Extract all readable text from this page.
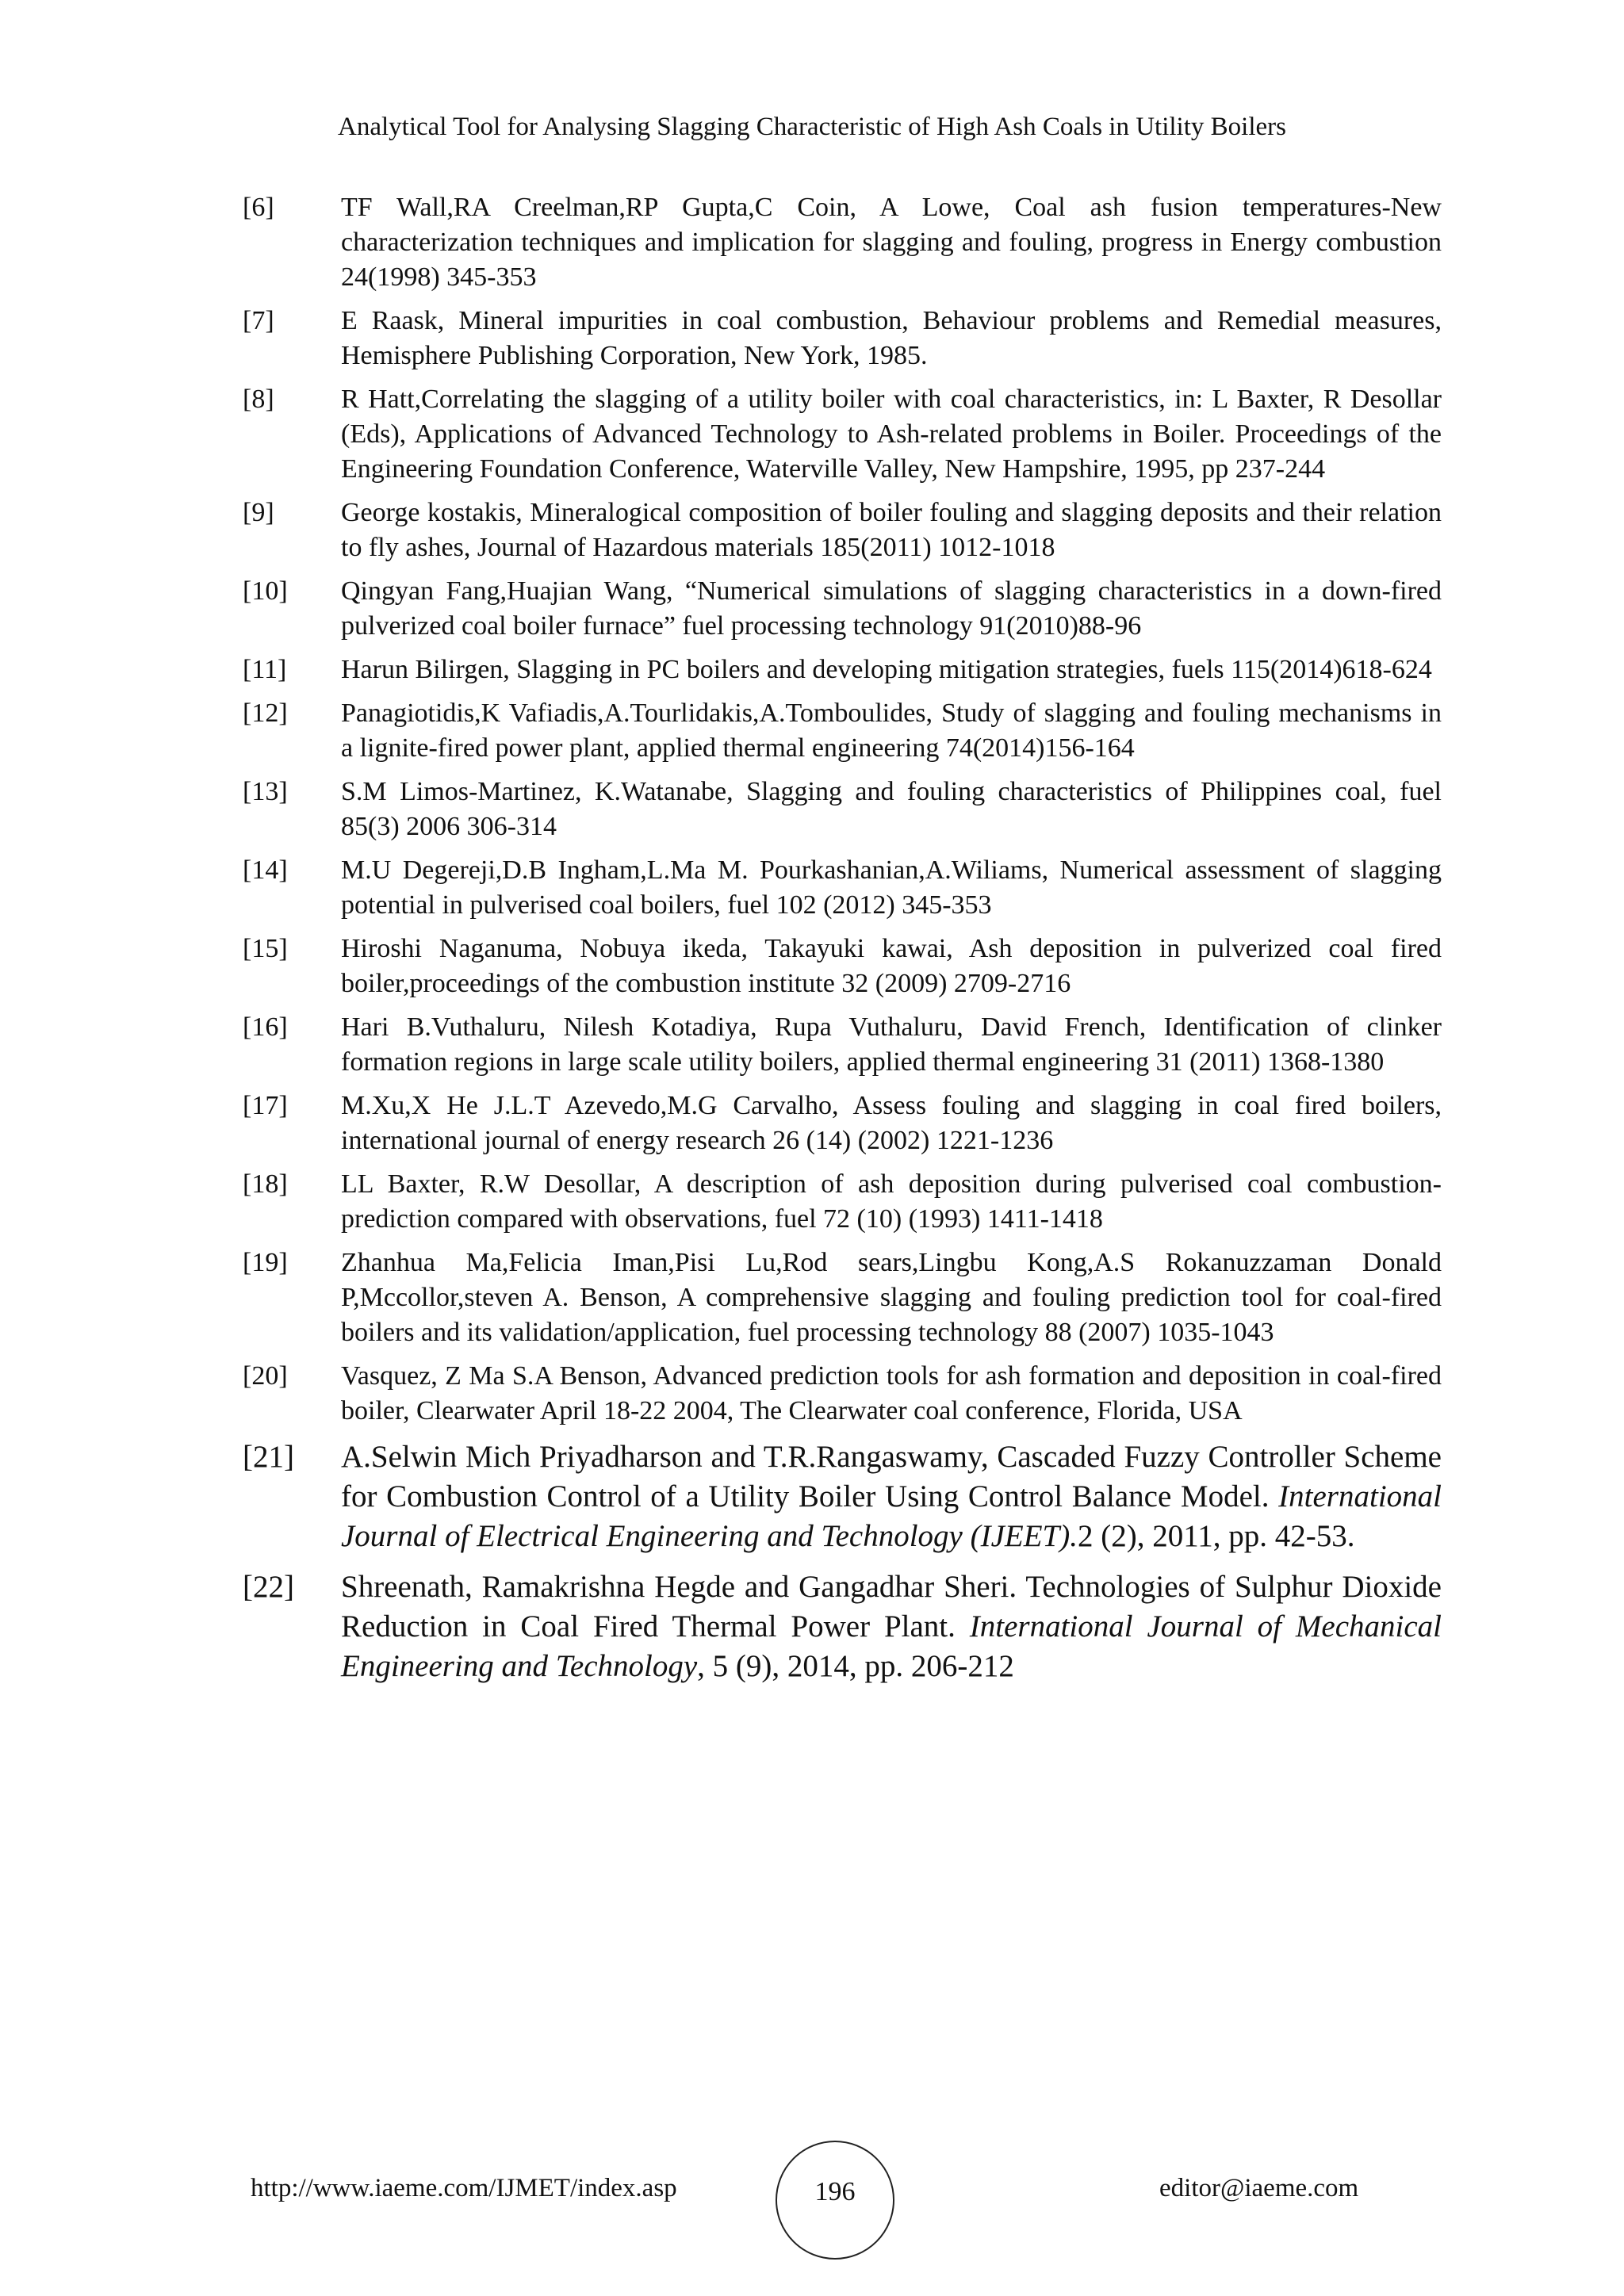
Analytical Tool for Analysing Slagging Characteristic of High Ash Coals in Utility Boilers
[6] TF Wall,RA Creelman,RP Gupta,C Coin, A Lowe, Coal ash fusion temperatures-New characterization techniques and implication for slagging and fouling, progress in Energy combustion 24(1998) 345-353
[7] E Raask, Mineral impurities in coal combustion, Behaviour problems and Remedial measures, Hemisphere Publishing Corporation, New York, 1985.
[8] R Hatt,Correlating the slagging of a utility boiler with coal characteristics, in: L Baxter, R Desollar (Eds), Applications of Advanced Technology to Ash-related problems in Boiler. Proceedings of the Engineering Foundation Conference, Waterville Valley, New Hampshire, 1995, pp 237-244
[9] George kostakis, Mineralogical composition of boiler fouling and slagging deposits and their relation to fly ashes, Journal of Hazardous materials 185(2011) 1012-1018
[10] Qingyan Fang,Huajian Wang, “Numerical simulations of slagging characteristics in a down-fired pulverized coal boiler furnace” fuel processing technology 91(2010)88-96
[11] Harun Bilirgen, Slagging in PC boilers and developing mitigation strategies, fuels 115(2014)618-624
[12] Panagiotidis,K Vafiadis,A.Tourlidakis,A.Tomboulides, Study of slagging and fouling mechanisms in a lignite-fired power plant, applied thermal engineering 74(2014)156-164
[13] S.M Limos-Martinez, K.Watanabe, Slagging and fouling characteristics of Philippines coal, fuel 85(3) 2006 306-314
[14] M.U Degereji,D.B Ingham,L.Ma M. Pourkashanian,A.Wiliams, Numerical assessment of slagging potential in pulverised coal boilers, fuel 102 (2012) 345-353
[15] Hiroshi Naganuma, Nobuya ikeda, Takayuki kawai, Ash deposition in pulverized coal fired boiler,proceedings of the combustion institute 32 (2009) 2709-2716
[16] Hari B.Vuthaluru, Nilesh Kotadiya, Rupa Vuthaluru, David French, Identification of clinker formation regions in large scale utility boilers, applied thermal engineering 31 (2011) 1368-1380
[17] M.Xu,X He J.L.T Azevedo,M.G Carvalho, Assess fouling and slagging in coal fired boilers, international journal of energy research 26 (14) (2002) 1221-1236
[18] LL Baxter, R.W Desollar, A description of ash deposition during pulverised coal combustion-prediction compared with observations, fuel 72 (10) (1993) 1411-1418
[19] Zhanhua Ma,Felicia Iman,Pisi Lu,Rod sears,Lingbu Kong,A.S Rokanuzzaman Donald P,Mccollor,steven A. Benson, A comprehensive slagging and fouling prediction tool for coal-fired boilers and its validation/application, fuel processing technology 88 (2007) 1035-1043
[20] Vasquez, Z Ma S.A Benson, Advanced prediction tools for ash formation and deposition in coal-fired boiler, Clearwater April 18-22 2004, The Clearwater coal conference, Florida, USA
[21] A.Selwin Mich Priyadharson and T.R.Rangaswamy, Cascaded Fuzzy Controller Scheme for Combustion Control of a Utility Boiler Using Control Balance Model. International Journal of Electrical Engineering and Technology (IJEET).2 (2), 2011, pp. 42-53.
[22] Shreenath, Ramakrishna Hegde and Gangadhar Sheri. Technologies of Sulphur Dioxide Reduction in Coal Fired Thermal Power Plant. International Journal of Mechanical Engineering and Technology, 5 (9), 2014, pp. 206-212
http://www.iaeme.com/IJMET/index.asp	196	editor@iaeme.com
